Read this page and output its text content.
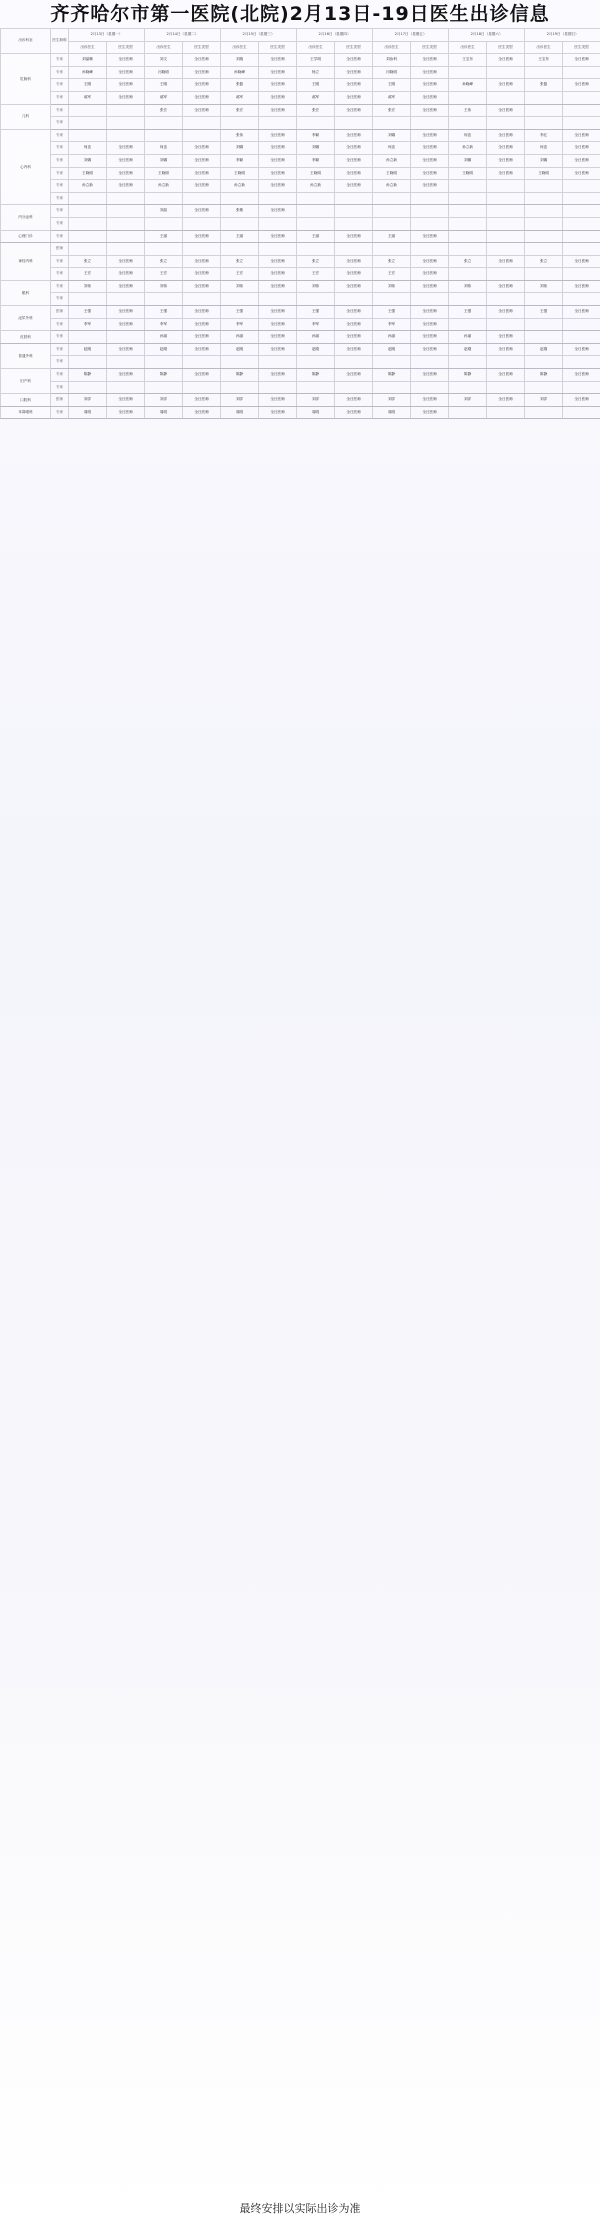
齐齐哈尔市第一医院(北院)2月13日-19日医生出诊信息
出诊科室	医生职称	2月13日（星期一）		2月14日（星期二）		2月15日（星期三）		2月16日（星期四）		2月17日（星期五）		2月18日（星期六）		2月19日（星期日）	
		出诊医生	医生类型	出诊医生	医生类型	出诊医生	医生类型	出诊医生	医生类型	出诊医生	医生类型	出诊医生	医生类型	出诊医生	医生类型
肛肠科	专家	刘晶琳	全日医师	刘文	全日医师	刘瑞	全日医师	王学明	全日医师	刘汝科	全日医师	王宝东	全日医师	王宝东	全日医师
	专家	孙晓峰	全日医师	闫晓明	全日医师	孙晓峰	全日医师	杨立	全日医师	闫晓明	全日医师				
	专家	王刚	全日医师	王刚	全日医师	张磊	全日医师	王刚	全日医师	王刚	全日医师	孙晓峰	全日医师	张磊	全日医师
	专家	郝军	全日医师	郝军	全日医师	郝军	全日医师	郝军	全日医师	郝军	全日医师				
儿科	专家			张宏	全日医师	张宏	全日医师	张宏	全日医师	张宏	全日医师	王伟	全日医师		
	专家														
心内科	专家					张伟	全日医师	李颖	全日医师	刘娜	全日医师	何忠	全日医师	李红	全日医师
	专家	何忠	全日医师	何忠	全日医师	刘娜	全日医师	刘娜	全日医师	何忠	全日医师	孙立新	全日医师	何忠	全日医师
	专家	刘娜	全日医师	刘娜	全日医师	李颖	全日医师	李颖	全日医师	孙立新	全日医师	刘娜	全日医师	刘娜	全日医师
	专家	王晓明	全日医师	王晓明	全日医师	王晓明	全日医师	王晓明	全日医师	王晓明	全日医师	王晓明	全日医师	王晓明	全日医师
	专家	孙立新	全日医师	孙立新	全日医师	孙立新	全日医师	孙立新	全日医师	孙立新	全日医师				
	专家														
内分泌科	专家			刘晶	全日医师	张敏	全日医师								
	专家														
心理门诊	专家			王丽	全日医师	王丽	全日医师	王丽	全日医师	王丽	全日医师				
神经内科	医师														
	专家	张立	全日医师	张立	全日医师	张立	全日医师	张立	全日医师	张立	全日医师	张立	全日医师	张立	全日医师
	专家	王宏	全日医师	王宏	全日医师	王宏	全日医师	王宏	全日医师	王宏	全日医师				
眼科	专家	刘伟	全日医师	刘伟	全日医师	刘伟	全日医师	刘伟	全日医师	刘伟	全日医师	刘伟	全日医师	刘伟	全日医师
	专家														
泌尿外科	医师	王强	全日医师	王强	全日医师	王强	全日医师	王强	全日医师	王强	全日医师	王强	全日医师	王强	全日医师
	专家	李军	全日医师	李军	全日医师	李军	全日医师	李军	全日医师	李军	全日医师				
皮肤科	专家			孙丽	全日医师	孙丽	全日医师	孙丽	全日医师	孙丽	全日医师	孙丽	全日医师		
普通外科	专家	赵刚	全日医师	赵刚	全日医师	赵刚	全日医师	赵刚	全日医师	赵刚	全日医师	赵刚	全日医师	赵刚	全日医师
	专家														
妇产科	专家	陈静	全日医师	陈静	全日医师	陈静	全日医师	陈静	全日医师	陈静	全日医师	陈静	全日医师	陈静	全日医师
	专家														
口腔科	医师	刘洋	全日医师	刘洋	全日医师	刘洋	全日医师	刘洋	全日医师	刘洋	全日医师	刘洋	全日医师	刘洋	全日医师
耳鼻喉科	专家	周明	全日医师	周明	全日医师	周明	全日医师	周明	全日医师	周明	全日医师				
最终安排以实际出诊为准
